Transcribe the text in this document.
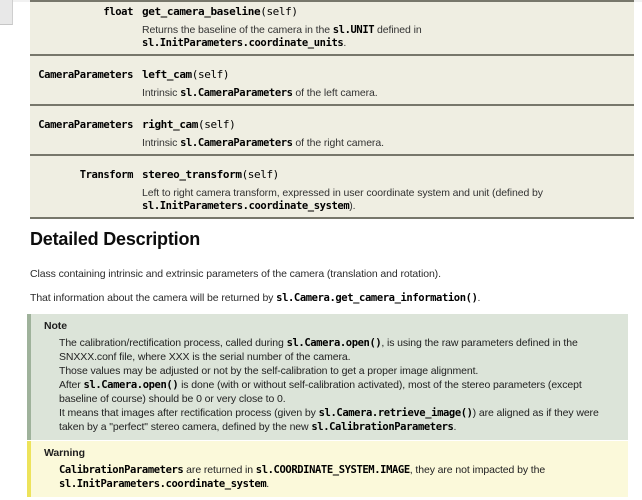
float get_camera_baseline(self)
Returns the baseline of the camera in the sl.UNIT defined in sl.InitParameters.coordinate_units.
CameraParameters left_cam(self)
Intrinsic sl.CameraParameters of the left camera.
CameraParameters right_cam(self)
Intrinsic sl.CameraParameters of the right camera.
Transform stereo_transform(self)
Left to right camera transform, expressed in user coordinate system and unit (defined by sl.InitParameters.coordinate_system).
Detailed Description
Class containing intrinsic and extrinsic parameters of the camera (translation and rotation).
That information about the camera will be returned by sl.Camera.get_camera_information().
Note
The calibration/rectification process, called during sl.Camera.open(), is using the raw parameters defined in the SNXXX.conf file, where XXX is the serial number of the camera.
Those values may be adjusted or not by the self-calibration to get a proper image alignment.
After sl.Camera.open() is done (with or without self-calibration activated), most of the stereo parameters (except baseline of course) should be 0 or very close to 0.
It means that images after rectification process (given by sl.Camera.retrieve_image()) are aligned as if they were taken by a "perfect" stereo camera, defined by the new sl.CalibrationParameters.
Warning
CalibrationParameters are returned in sl.COORDINATE_SYSTEM.IMAGE, they are not impacted by the sl.InitParameters.coordinate_system.
